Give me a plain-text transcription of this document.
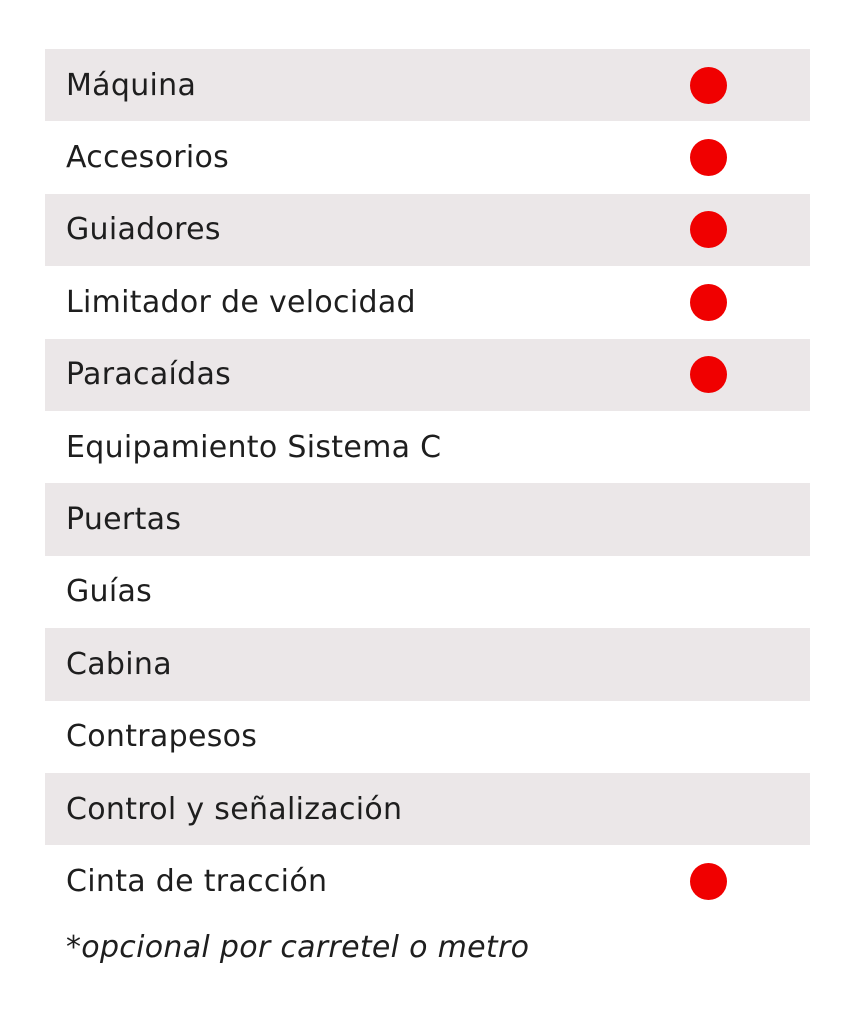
Máquina
Accesorios
Guiadores
Limitador de velocidad
Paracaídas
Equipamiento Sistema C
Puertas
Guías
Cabina
Contrapesos
Control y señalización
Cinta de tracción
*opcional por carretel o metro
